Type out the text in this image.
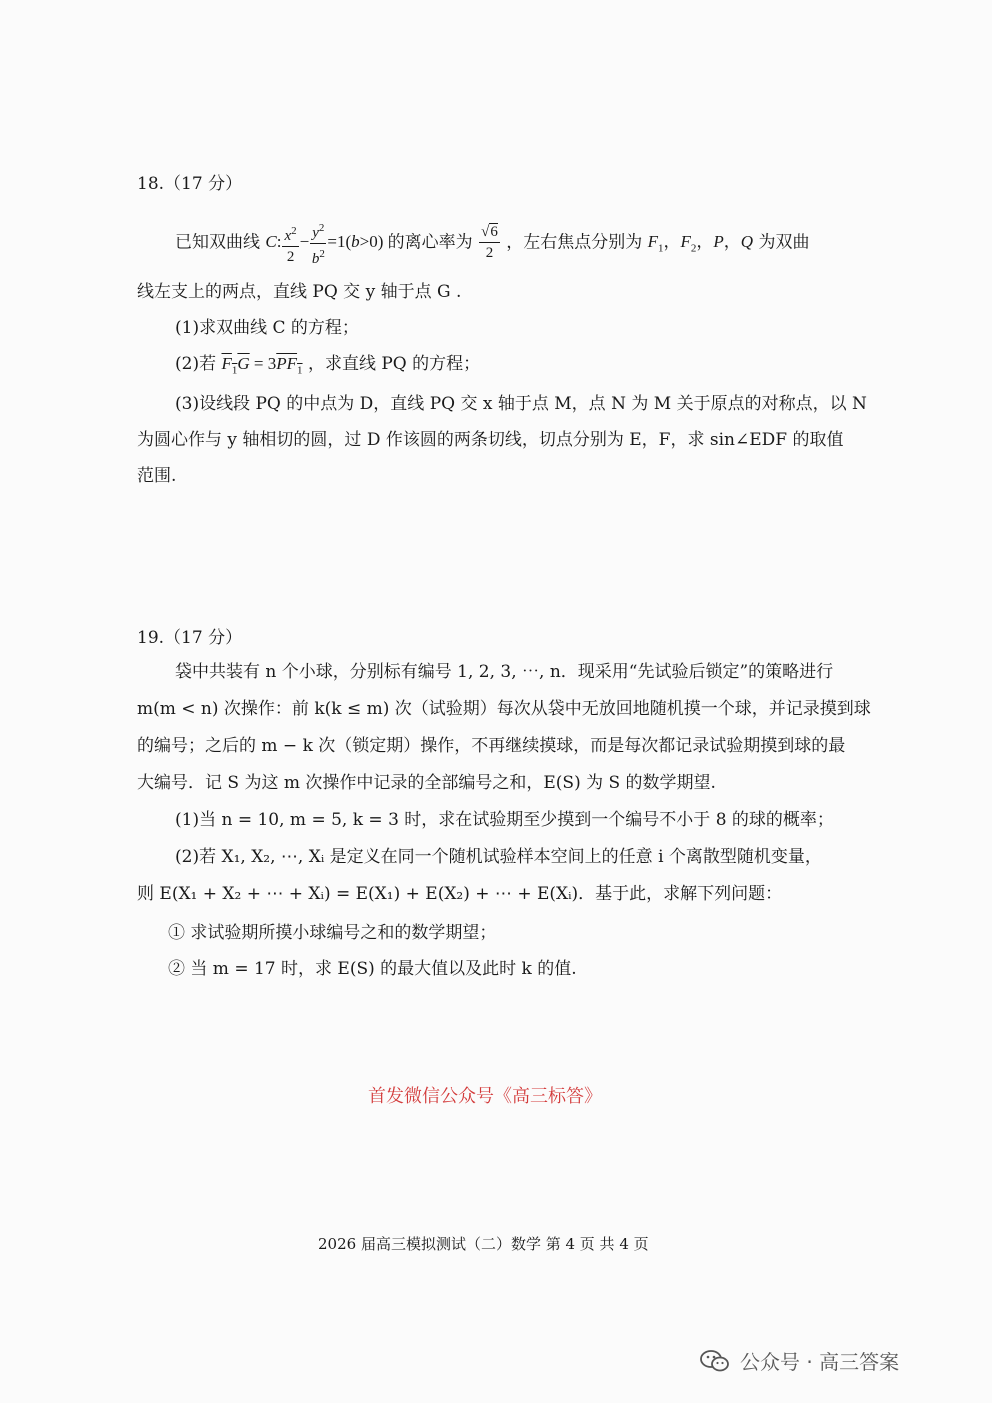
18.（17 分）
已知双曲线 C: $\frac{x^2}{2} - \frac{y^2}{b^2} =1(b>0)$ 的离心率为 $\frac{√6}{2}$ ，左右焦点分别为 $F_1$，$F_2$，P，Q 为双曲
线左支上的两点，直线 PQ 交 y 轴于点 G .
(1)求双曲线 C 的方程；
(2)若 $F_1G = 3PF_1$ ，求直线 PQ 的方程；
(3)设线段 PQ 的中点为 D，直线 PQ 交 x 轴于点 M，点 N 为 M 关于原点的对称点，以 N
为圆心作与 y 轴相切的圆，过 D 作该圆的两条切线，切点分别为 E，F，求 sin∠EDF 的取值
范围.
19.（17 分）
袋中共装有 n 个小球，分别标有编号 1, 2, 3, ⋯, n．现采用“先试验后锁定”的策略进行
m(m < n) 次操作：前 k(k ≤ m) 次（试验期）每次从袋中无放回地随机摸一个球，并记录摸到球
的编号；之后的 m − k 次（锁定期）操作，不再继续摸球，而是每次都记录试验期摸到球的最
大编号．记 S 为这 m 次操作中记录的全部编号之和，E(S) 为 S 的数学期望.
(1)当 n = 10, m = 5, k = 3 时，求在试验期至少摸到一个编号不小于 8 的球的概率；
(2)若 X₁, X₂, ⋯, Xᵢ 是定义在同一个随机试验样本空间上的任意 i 个离散型随机变量，
则 E(X₁ + X₂ + ⋯ + Xᵢ) = E(X₁) + E(X₂) + ⋯ + E(Xᵢ)．基于此，求解下列问题：
① 求试验期所摸小球编号之和的数学期望；
② 当 m = 17 时，求 E(S) 的最大值以及此时 k 的值.
首发微信公众号《高三标答》
2026 届高三模拟测试（二）数学 第 4 页 共 4 页
公众号 · 高三答案
